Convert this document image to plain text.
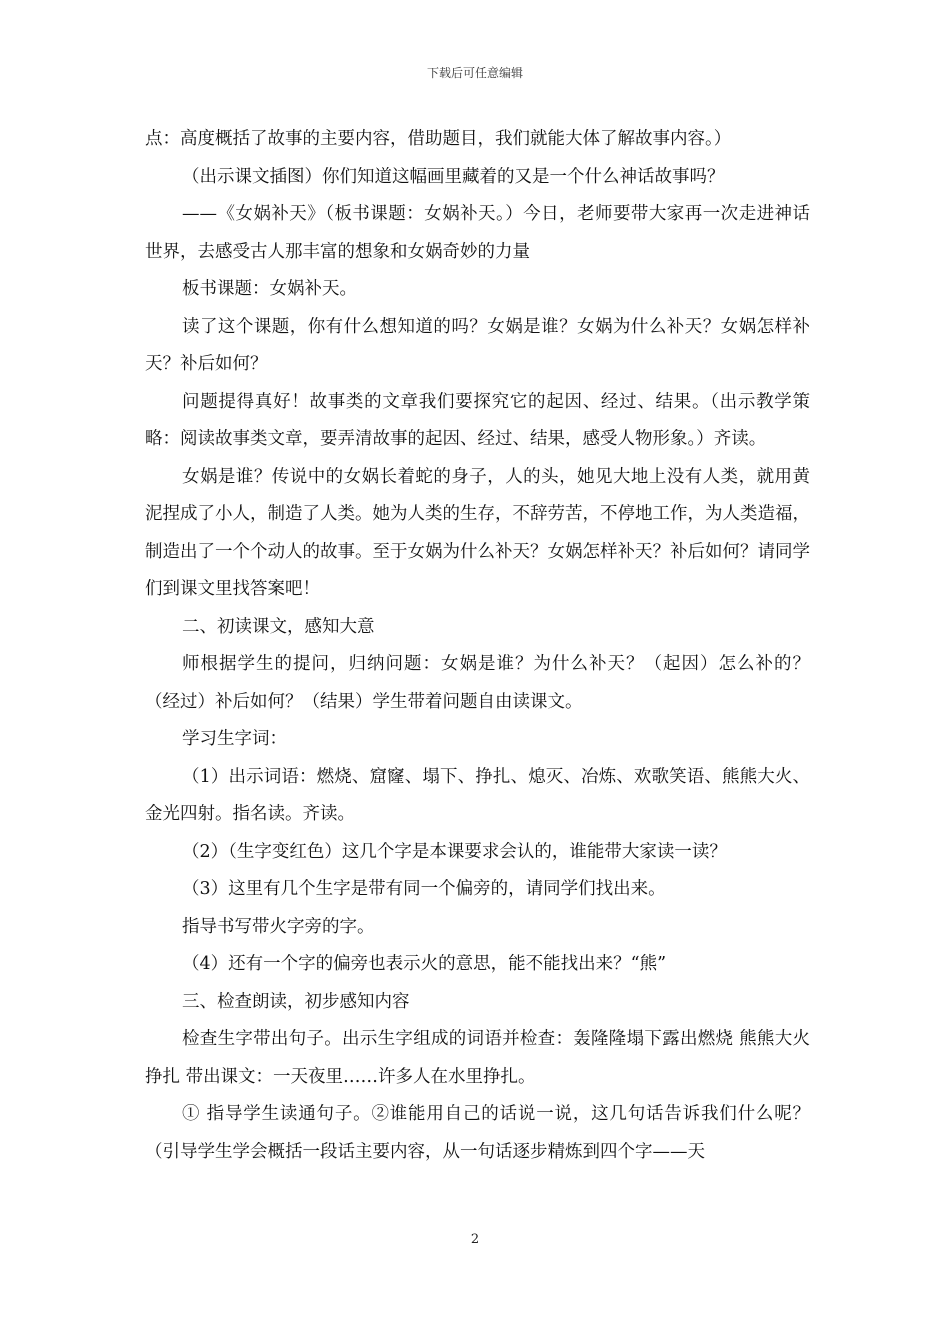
下载后可任意编辑

点：高度概括了故事的主要内容，借助题目，我们就能大体了解故事内容。）

（出示课文插图）你们知道这幅画里藏着的又是一个什么神话故事吗？

——《女娲补天》（板书课题：女娲补天。）今日，老师要带大家再一次走进神话世界，去感受古人那丰富的想象和女娲奇妙的力量

板书课题：女娲补天。

读了这个课题，你有什么想知道的吗？女娲是谁？女娲为什么补天？女娲怎样补天？补后如何？

问题提得真好！故事类的文章我们要探究它的起因、经过、结果。（出示教学策略：阅读故事类文章，要弄清故事的起因、经过、结果，感受人物形象。）齐读。

女娲是谁？传说中的女娲长着蛇的身子，人的头，她见大地上没有人类，就用黄泥捏成了小人，制造了人类。她为人类的生存，不辞劳苦，不停地工作，为人类造福，制造出了一个个动人的故事。至于女娲为什么补天？女娲怎样补天？补后如何？请同学们到课文里找答案吧！

二、初读课文，感知大意

师根据学生的提问，归纳问题：女娲是谁？为什么补天？（起因）怎么补的？（经过）补后如何？（结果）学生带着问题自由读课文。

学习生字词：

（1）出示词语：燃烧、窟窿、塌下、挣扎、熄灭、冶炼、欢歌笑语、熊熊大火、金光四射。指名读。齐读。

（2）（生字变红色）这几个字是本课要求会认的，谁能带大家读一读？

（3）这里有几个生字是带有同一个偏旁的，请同学们找出来。

指导书写带火字旁的字。

（4）还有一个字的偏旁也表示火的意思，能不能找出来？“熊”

三、检查朗读，初步感知内容

检查生字带出句子。出示生字组成的词语并检查：轰隆隆塌下露出燃烧 熊熊大火 挣扎 带出课文：一天夜里……许多人在水里挣扎。

① 指导学生读通句子。②谁能用自己的话说一说，这几句话告诉我们什么呢？（引导学生学会概括一段话主要内容，从一句话逐步精炼到四个字——天

2
